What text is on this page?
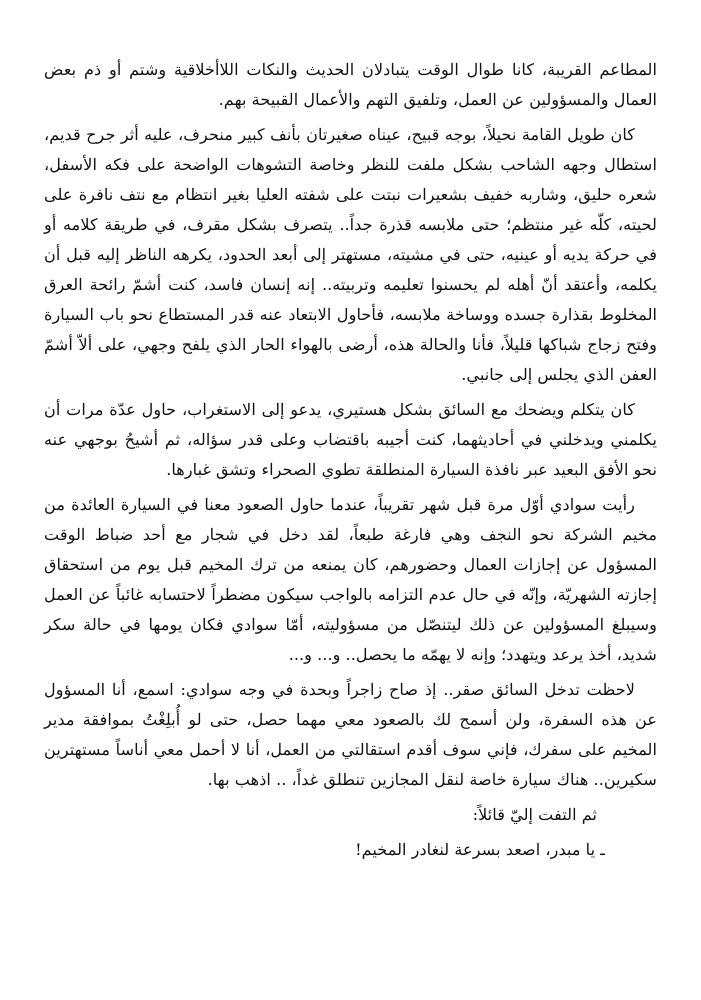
المطاعم القريبة، كانا طوال الوقت يتبادلان الحديث والنكات اللاأخلاقية وشتم أو ذم بعض العمال والمسؤولين عن العمل، وتلفيق التهم والأعمال القبيحة بهم.

كان طويل القامة نحيلاً، بوجه قبيح، عيناه صغيرتان بأنف كبير منحرف، عليه أثر جرح قديم، استطال وجهه الشاحب بشكل ملفت للنظر وخاصة التشوهات الواضحة على فكه الأسفل، شعره حليق، وشاربه خفيف بشعيرات نبتت على شفته العليا بغير انتظام مع نتف نافرة على لحيته، كلّه غير منتظم؛ حتى ملابسه قذرة جداً.. يتصرف بشكل مقرف، في طريقة كلامه أو في حركة يديه أو عينيه، حتى في مشيته، مستهتر إلى أبعد الحدود، يكرهه الناظر إليه قبل أن يكلمه، وأعتقد أنّ أهله لم يحسنوا تعليمه وتربيته.. إنه إنسان فاسد، كنت أشمّ رائحة العرق المخلوط بقذارة جسده ووساخة ملابسه، فأحاول الابتعاد عنه قدر المستطاع نحو باب السيارة وفتح زجاج شباكها قليلاً، فأنا والحالة هذه، أرضى بالهواء الحار الذي يلفح وجهي، على ألاّ أشمّ العفن الذي يجلس إلى جانبي.

كان يتكلم ويضحك مع السائق بشكل هستيري، يدعو إلى الاستغراب، حاول عدّة مرات أن يكلمني ويدخلني في أحاديثهما، كنت أجيبه باقتضاب وعلى قدر سؤاله، ثم أشيحُ بوجهي عنه نحو الأفق البعيد عبر نافذة السيارة المنطلقة تطوي الصحراء وتشق غبارها.

رأيت سوادي أوّل مرة قبل شهر تقريباً، عندما حاول الصعود معنا في السيارة العائدة من مخيم الشركة نحو النجف وهي فارغة طبعاً، لقد دخل في شجار مع أحد ضباط الوقت المسؤول عن إجازات العمال وحضورهم، كان يمنعه من ترك المخيم قبل يوم من استحقاق إجازته الشهريّة، وإنّه في حال عدم التزامه بالواجب سيكون مضطراً لاحتسابه غائباً عن العمل وسيبلغ المسؤولين عن ذلك ليتنصّل من مسؤوليته، أمّا سوادي فكان يومها في حالة سكر شديد، أخذ يرعد ويتهدد؛ وإنه لا يهمّه ما يحصل.. و... و...

لاحظت تدخل السائق صقر.. إذ صاح زاجراً وبحدة في وجه سوادي: اسمع، أنا المسؤول عن هذه السفرة، ولن أسمح لك بالصعود معي مهما حصل، حتى لو أُبلِغْتُ بموافقة مدير المخيم على سفرك، فإني سوف أقدم استقالتي من العمل، أنا لا أحمل معي أناساً مستهترين سكيرين.. هناك سيارة خاصة لنقل المجازين تنطلق غداً، .. اذهب بها.

ثم التفت إليّ قائلاً:

ـ يا مبدر، اصعد بسرعة لنغادر المخيم!
